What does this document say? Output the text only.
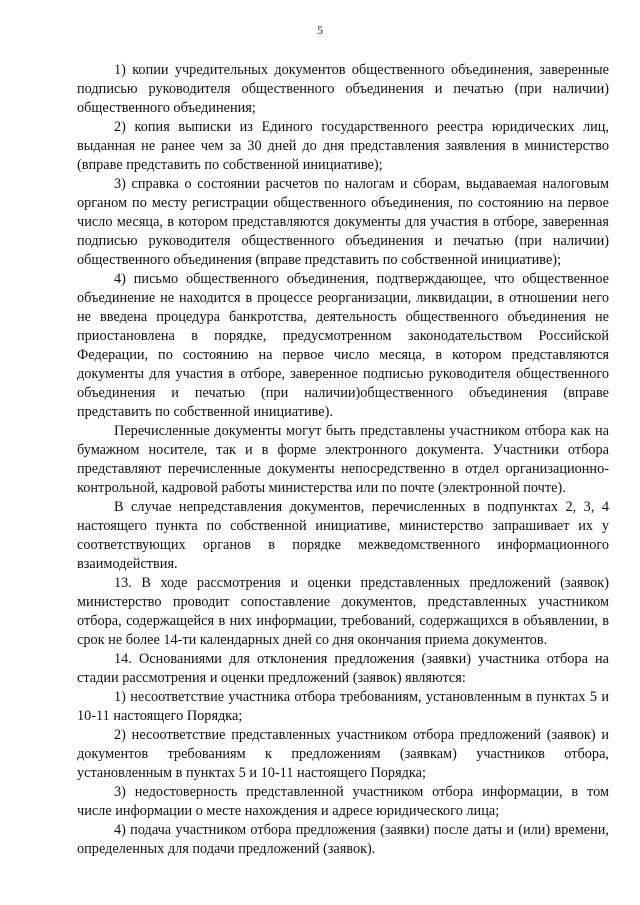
5

1) копии учредительных документов общественного объединения, заверенные подписью руководителя общественного объединения и печатью (при наличии) общественного объединения;

2) копия выписки из Единого государственного реестра юридических лиц, выданная не ранее чем за 30 дней до дня представления заявления в министерство (вправе представить по собственной инициативе);

3) справка о состоянии расчетов по налогам и сборам, выдаваемая налоговым органом по месту регистрации общественного объединения, по состоянию на первое число месяца, в котором представляются документы для участия в отборе, заверенная подписью руководителя общественного объединения и печатью (при наличии) общественного объединения (вправе представить по собственной инициативе);

4) письмо общественного объединения, подтверждающее, что общественное объединение не находится в процессе реорганизации, ликвидации, в отношении него не введена процедура банкротства, деятельность общественного объединения не приостановлена в порядке, предусмотренном законодательством Российской Федерации, по состоянию на первое число месяца, в котором представляются документы для участия в отборе, заверенное подписью руководителя общественного объединения и печатью (при наличии)общественного объединения (вправе представить по собственной инициативе).

Перечисленные документы могут быть представлены участником отбора как на бумажном носителе, так и в форме электронного документа. Участники отбора представляют перечисленные документы непосредственно в отдел организационно-контрольной, кадровой работы министерства или по почте (электронной почте).

В случае непредставления документов, перечисленных в подпунктах 2, 3, 4 настоящего пункта по собственной инициативе, министерство запрашивает их у соответствующих органов в порядке межведомственного информационного взаимодействия.

13. В ходе рассмотрения и оценки представленных предложений (заявок) министерство проводит сопоставление документов, представленных участником отбора, содержащейся в них информации, требований, содержащихся в объявлении, в срок не более 14-ти календарных дней со дня окончания приема документов.

14. Основаниями для отклонения предложения (заявки) участника отбора на стадии рассмотрения и оценки предложений (заявок) являются:

1) несоответствие участника отбора требованиям, установленным в пунктах 5 и 10-11 настоящего Порядка;

2) несоответствие представленных участником отбора предложений (заявок) и документов требованиям к предложениям (заявкам) участников отбора, установленным в пунктах 5 и 10-11 настоящего Порядка;

3) недостоверность представленной участником отбора информации, в том числе информации о месте нахождения и адресе юридического лица;

4) подача участником отбора предложения (заявки) после даты и (или) времени, определенных для подачи предложений (заявок).
